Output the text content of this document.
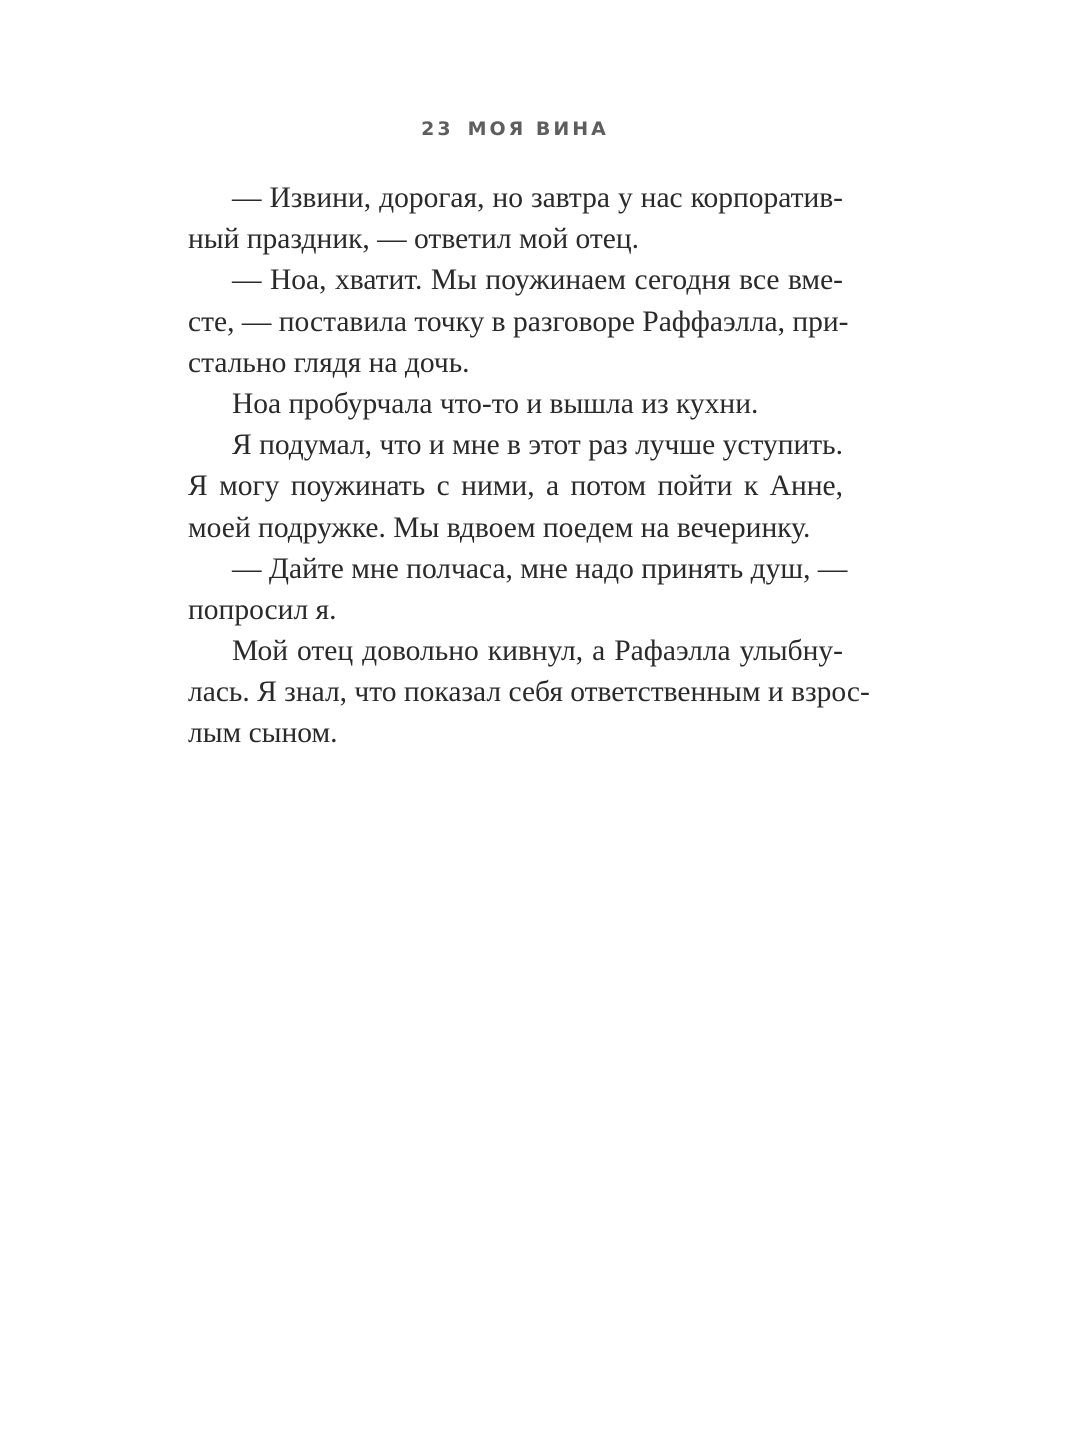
23 МОЯ ВИНА
— Извини, дорогая, но завтра у нас корпоратив-
ный праздник, — ответил мой отец.
— Ноа, хватит. Мы поужинаем сегодня все вме-
сте, — поставила точку в разговоре Раффаэлла, при-
стально глядя на дочь.
Ноа пробурчала что-то и вышла из кухни.
Я подумал, что и мне в этот раз лучше уступить.
Я могу поужинать с ними, а потом пойти к Анне,
моей подружке. Мы вдвоем поедем на вечеринку.
— Дайте мне полчаса, мне надо принять душ, —
попросил я.
Мой отец довольно кивнул, а Рафаэлла улыбну-
лась. Я знал, что показал себя ответственным и взрос-
лым сыном.
